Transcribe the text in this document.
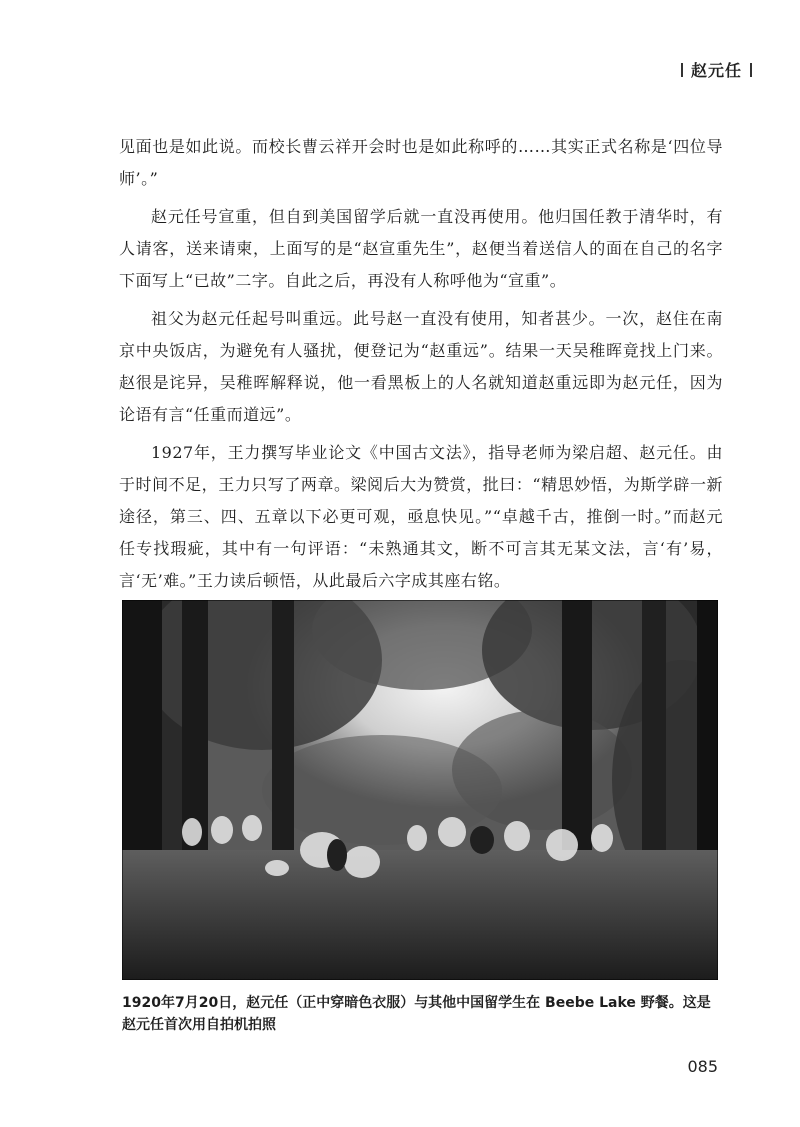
赵元任

见面也是如此说。而校长曹云祥开会时也是如此称呼的……其实正式名称是‘四位导师’。”

赵元任号宣重，但自到美国留学后就一直没再使用。他归国任教于清华时，有人请客，送来请柬，上面写的是“赵宣重先生”，赵便当着送信人的面在自己的名字下面写上“已故”二字。自此之后，再没有人称呼他为“宣重”。

祖父为赵元任起号叫重远。此号赵一直没有使用，知者甚少。一次，赵住在南京中央饭店，为避免有人骚扰，便登记为“赵重远”。结果一天吴稚晖竟找上门来。赵很是诧异，吴稚晖解释说，他一看黑板上的人名就知道赵重远即为赵元任，因为论语有言“任重而道远”。

1927年，王力撰写毕业论文《中国古文法》，指导老师为梁启超、赵元任。由于时间不足，王力只写了两章。梁阅后大为赞赏，批曰：“精思妙悟，为斯学辟一新途径，第三、四、五章以下必更可观，亟息快见。”“卓越千古，推倒一时。”而赵元任专找瑕疵，其中有一句评语：“未熟通其文，断不可言其无某文法，言‘有’易，言‘无’难。”王力读后顿悟，从此最后六字成其座右铭。

1920年7月20日，赵元任（正中穿暗色衣服）与其他中国留学生在 Beebe Lake 野餐。这是赵元任首次用自拍机拍照
085
